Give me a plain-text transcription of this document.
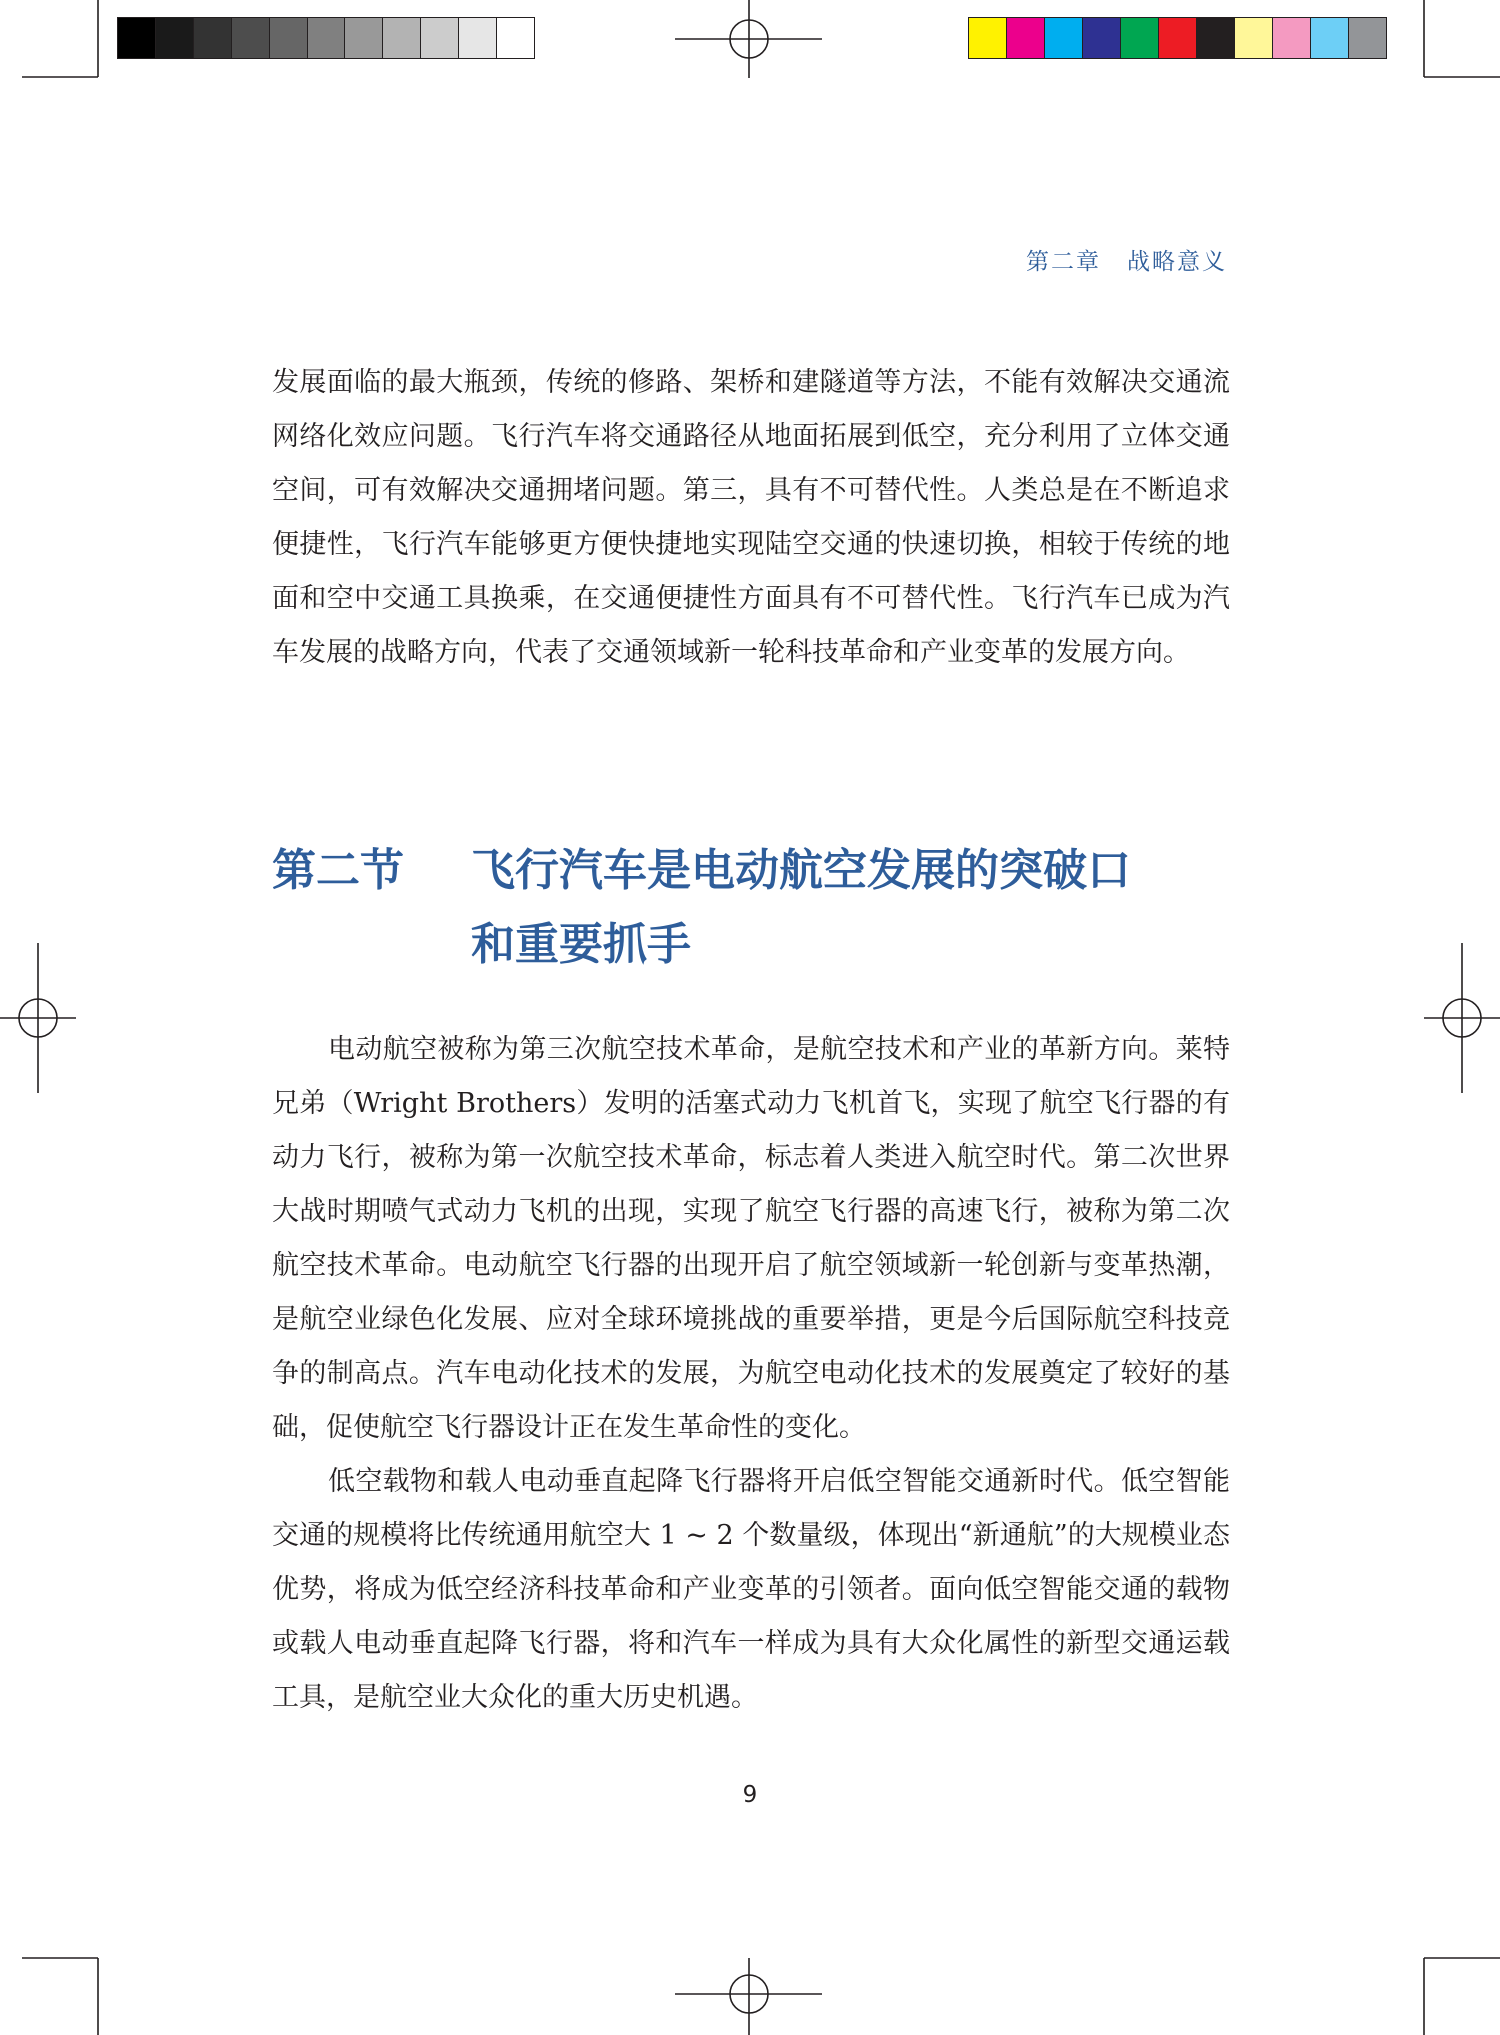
第二章 战略意义

发展面临的最大瓶颈，传统的修路、架桥和建隧道等方法，不能有效解决交通流网络化效应问题。飞行汽车将交通路径从地面拓展到低空，充分利用了立体交通空间，可有效解决交通拥堵问题。第三，具有不可替代性。人类总是在不断追求便捷性，飞行汽车能够更方便快捷地实现陆空交通的快速切换，相较于传统的地面和空中交通工具换乘，在交通便捷性方面具有不可替代性。飞行汽车已成为汽车发展的战略方向，代表了交通领域新一轮科技革命和产业变革的发展方向。

第二节 飞行汽车是电动航空发展的突破口
和重要抓手

电动航空被称为第三次航空技术革命，是航空技术和产业的革新方向。莱特兄弟（Wright Brothers）发明的活塞式动力飞机首飞，实现了航空飞行器的有动力飞行，被称为第一次航空技术革命，标志着人类进入航空时代。第二次世界大战时期喷气式动力飞机的出现，实现了航空飞行器的高速飞行，被称为第二次航空技术革命。电动航空飞行器的出现开启了航空领域新一轮创新与变革热潮，是航空业绿色化发展、应对全球环境挑战的重要举措，更是今后国际航空科技竞争的制高点。汽车电动化技术的发展，为航空电动化技术的发展奠定了较好的基础，促使航空飞行器设计正在发生革命性的变化。

低空载物和载人电动垂直起降飞行器将开启低空智能交通新时代。低空智能交通的规模将比传统通用航空大 1 ~ 2 个数量级，体现出“新通航”的大规模业态优势，将成为低空经济科技革命和产业变革的引领者。面向低空智能交通的载物或载人电动垂直起降飞行器，将和汽车一样成为具有大众化属性的新型交通运载工具，是航空业大众化的重大历史机遇。

9
